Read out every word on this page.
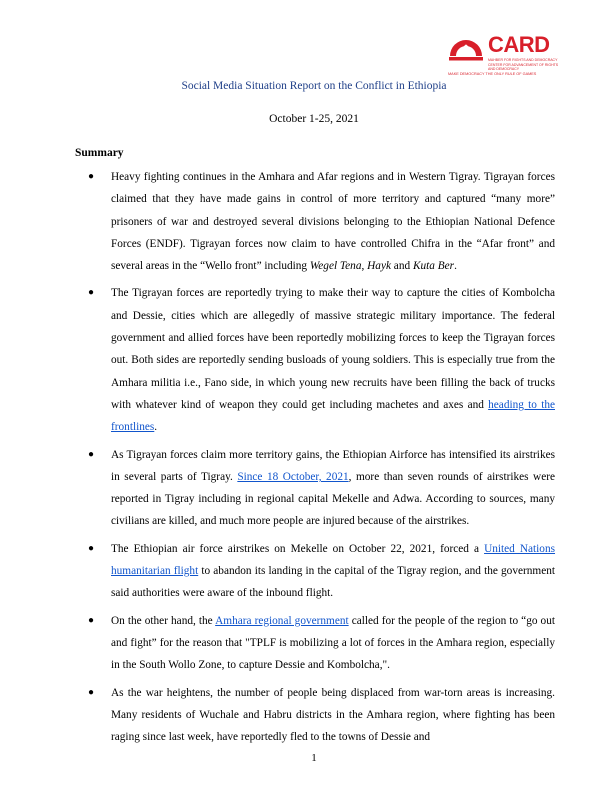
CARD
MAHBER FOR RIGHTS AND DEMOCRACY CENTER FOR ADVANCEMENT OF RIGHTS AND DEMOCRACY
MAKE DEMOCRACY THE ONLY RULE OF GAMES
Social Media Situation Report on the Conflict in Ethiopia
October 1-25, 2021
Summary
● Heavy fighting continues in the Amhara and Afar regions and in Western Tigray. Tigrayan forces claimed that they have made gains in control of more territory and captured “many more” prisoners of war and destroyed several divisions belonging to the Ethiopian National Defence Forces (ENDF). Tigrayan forces now claim to have controlled Chifra in the “Afar front” and several areas in the “Wello front” including Wegel Tena, Hayk and Kuta Ber.
● The Tigrayan forces are reportedly trying to make their way to capture the cities of Kombolcha and Dessie, cities which are allegedly of massive strategic military importance. The federal government and allied forces have been reportedly mobilizing forces to keep the Tigrayan forces out. Both sides are reportedly sending busloads of young soldiers. This is especially true from the Amhara militia i.e., Fano side, in which young new recruits have been filling the back of trucks with whatever kind of weapon they could get including machetes and axes and heading to the frontlines.
● As Tigrayan forces claim more territory gains, the Ethiopian Airforce has intensified its airstrikes in several parts of Tigray. Since 18 October, 2021, more than seven rounds of airstrikes were reported in Tigray including in regional capital Mekelle and Adwa. According to sources, many civilians are killed, and much more people are injured because of the airstrikes.
● The Ethiopian air force airstrikes on Mekelle on October 22, 2021, forced a United Nations humanitarian flight to abandon its landing in the capital of the Tigray region, and the government said authorities were aware of the inbound flight.
● On the other hand, the Amhara regional government called for the people of the region to “go out and fight” for the reason that "TPLF is mobilizing a lot of forces in the Amhara region, especially in the South Wollo Zone, to capture Dessie and Kombolcha,".
● As the war heightens, the number of people being displaced from war-torn areas is increasing. Many residents of Wuchale and Habru districts in the Amhara region, where fighting has been raging since last week, have reportedly fled to the towns of Dessie and
1
